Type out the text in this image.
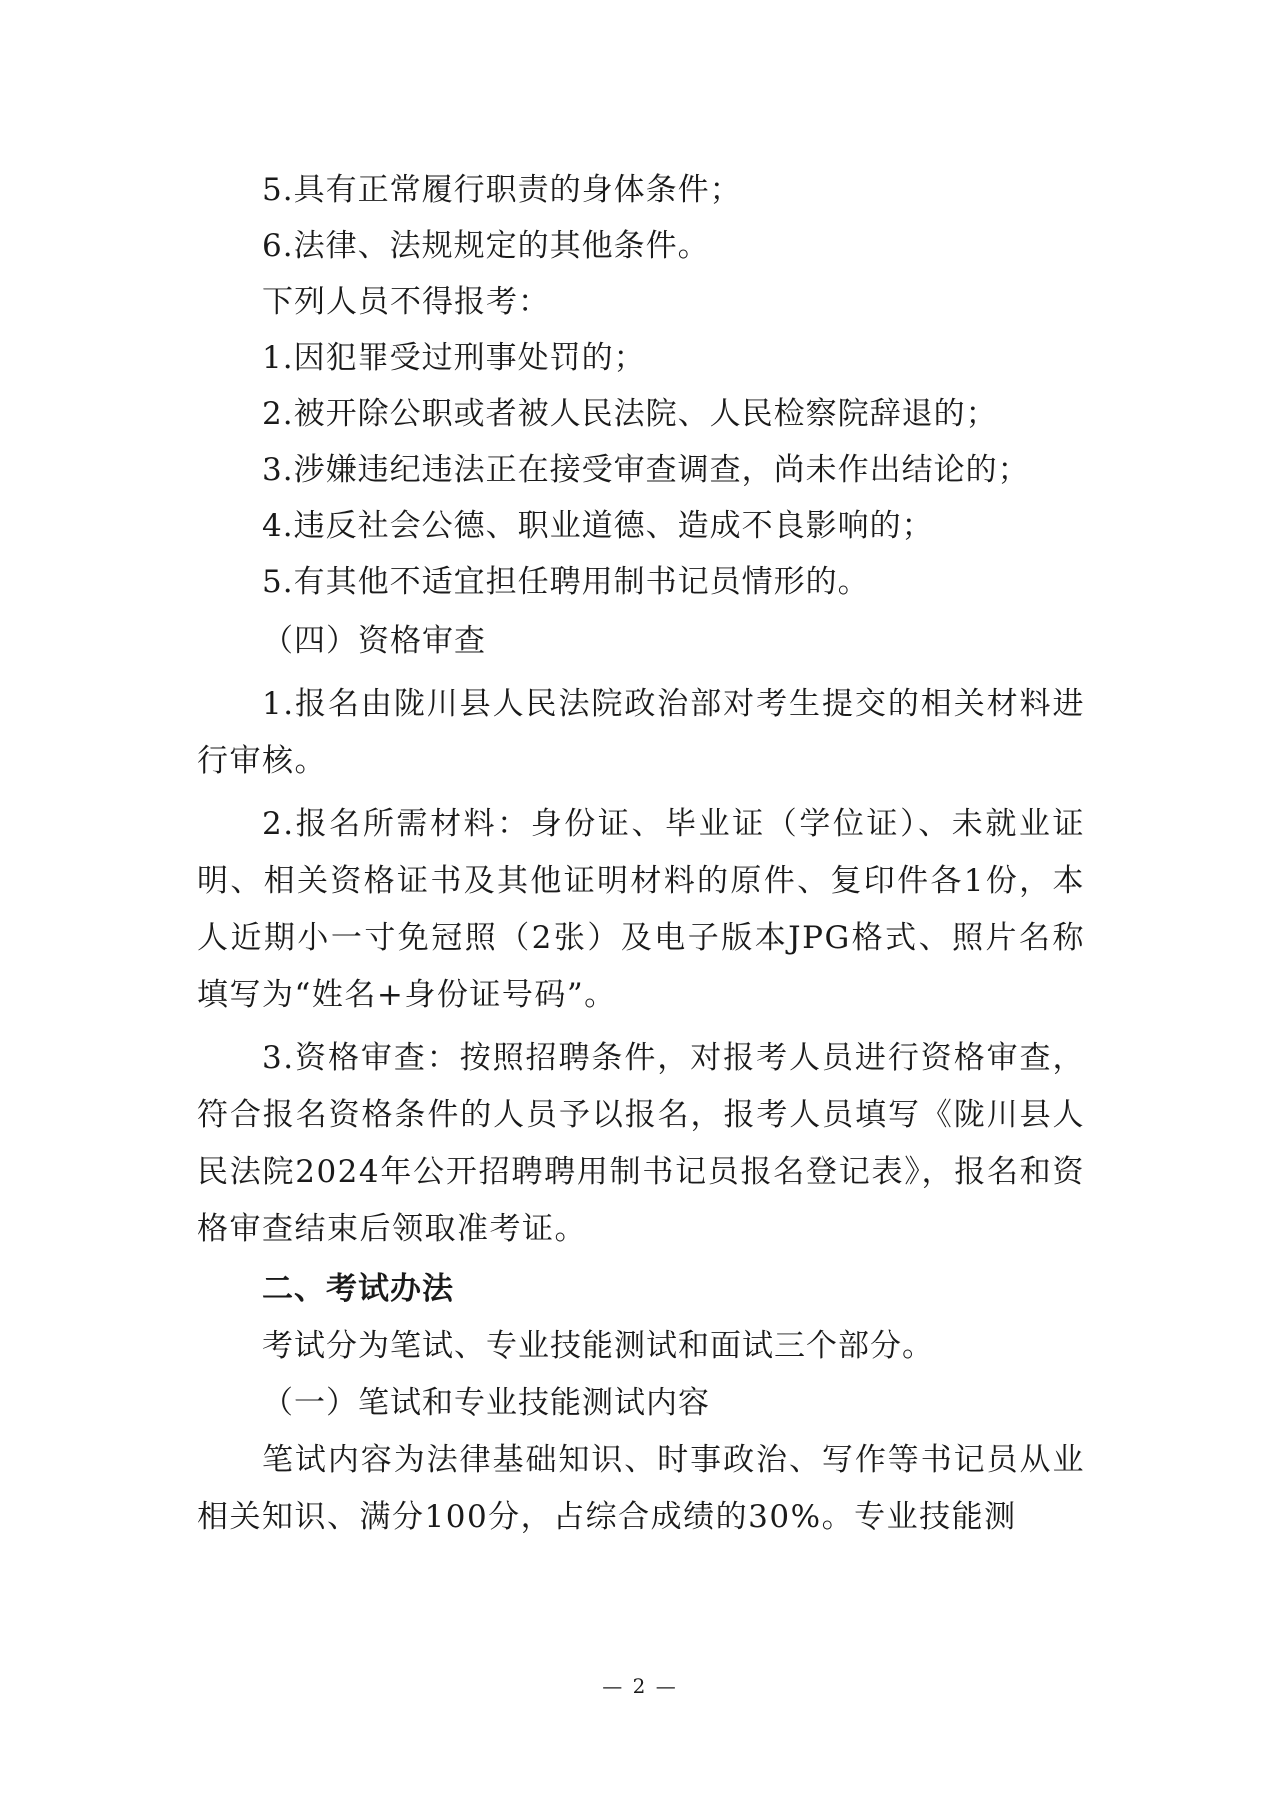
5.具有正常履行职责的身体条件；
6.法律、法规规定的其他条件。
下列人员不得报考：
1.因犯罪受过刑事处罚的；
2.被开除公职或者被人民法院、人民检察院辞退的；
3.涉嫌违纪违法正在接受审查调查，尚未作出结论的；
4.违反社会公德、职业道德、造成不良影响的；
5.有其他不适宜担任聘用制书记员情形的。
（四）资格审查

1.报名由陇川县人民法院政治部对考生提交的相关材料进行审核。

2.报名所需材料：身份证、毕业证（学位证）、未就业证明、相关资格证书及其他证明材料的原件、复印件各1份，本人近期小一寸免冠照（2张）及电子版本JPG格式、照片名称填写为“姓名+身份证号码”。

3.资格审查：按照招聘条件，对报考人员进行资格审查，符合报名资格条件的人员予以报名，报考人员填写《陇川县人民法院2024年公开招聘聘用制书记员报名登记表》，报名和资格审查结束后领取准考证。

二、考试办法
考试分为笔试、专业技能测试和面试三个部分。
（一）笔试和专业技能测试内容

笔试内容为法律基础知识、时事政治、写作等书记员从业相关知识、满分100分，占综合成绩的30%。专业技能测

— 2 —
